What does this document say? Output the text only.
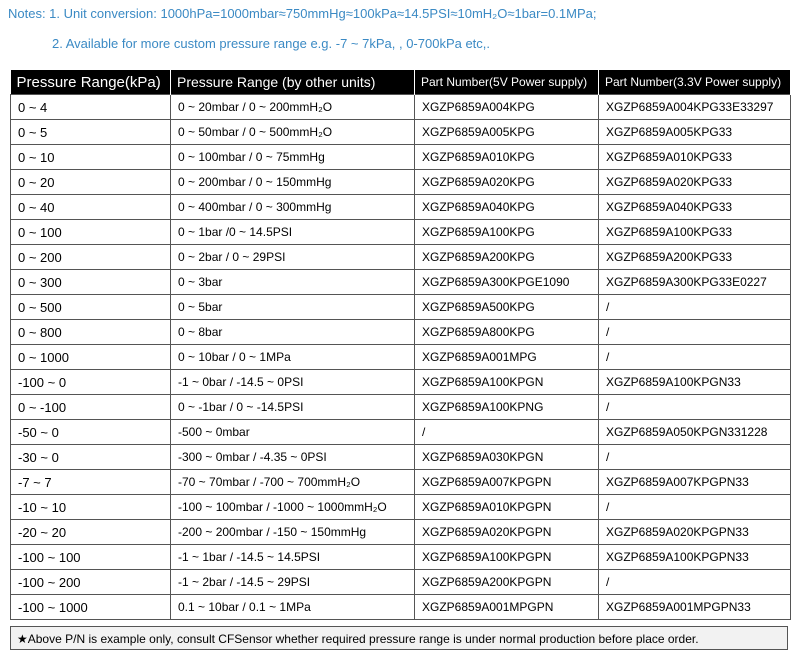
Notes: 1. Unit conversion: 1000hPa=1000mbar≈750mmHg≈100kPa≈14.5PSI≈10mH₂O≈1bar=0.1MPa;
2. Available for more custom pressure range e.g. -7 ~ 7kPa, , 0-700kPa etc,.
Pressure Range(kPa)	Pressure Range (by other units)	Part Number(5V Power supply)	Part Number(3.3V Power supply)
0 ~ 4	0 ~ 20mbar / 0 ~ 200mmH₂O	XGZP6859A004KPG	XGZP6859A004KPG33E33297
0 ~ 5	0 ~ 50mbar / 0 ~ 500mmH₂O	XGZP6859A005KPG	XGZP6859A005KPG33
0 ~ 10	0 ~ 100mbar / 0 ~ 75mmHg	XGZP6859A010KPG	XGZP6859A010KPG33
0 ~ 20	0 ~ 200mbar / 0 ~ 150mmHg	XGZP6859A020KPG	XGZP6859A020KPG33
0 ~ 40	0 ~ 400mbar / 0 ~ 300mmHg	XGZP6859A040KPG	XGZP6859A040KPG33
0 ~ 100	0 ~ 1bar /0 ~ 14.5PSI	XGZP6859A100KPG	XGZP6859A100KPG33
0 ~ 200	0 ~ 2bar / 0 ~ 29PSI	XGZP6859A200KPG	XGZP6859A200KPG33
0 ~ 300	0 ~ 3bar	XGZP6859A300KPGE1090	XGZP6859A300KPG33E0227
0 ~ 500	0 ~ 5bar	XGZP6859A500KPG	/
0 ~ 800	0 ~ 8bar	XGZP6859A800KPG	/
0 ~ 1000	0 ~ 10bar / 0 ~ 1MPa	XGZP6859A001MPG	/
-100 ~ 0	-1 ~ 0bar / -14.5 ~ 0PSI	XGZP6859A100KPGN	XGZP6859A100KPGN33
0 ~ -100	0 ~ -1bar / 0 ~ -14.5PSI	XGZP6859A100KPNG	/
-50 ~ 0	-500 ~ 0mbar	/	XGZP6859A050KPGN331228
-30 ~ 0	-300 ~ 0mbar / -4.35 ~ 0PSI	XGZP6859A030KPGN	/
-7 ~ 7	-70 ~ 70mbar / -700 ~ 700mmH₂O	XGZP6859A007KPGPN	XGZP6859A007KPGPN33
-10 ~ 10	-100 ~ 100mbar / -1000 ~ 1000mmH₂O	XGZP6859A010KPGPN	/
-20 ~ 20	-200 ~ 200mbar / -150 ~ 150mmHg	XGZP6859A020KPGPN	XGZP6859A020KPGPN33
-100 ~ 100	-1 ~ 1bar / -14.5 ~ 14.5PSI	XGZP6859A100KPGPN	XGZP6859A100KPGPN33
-100 ~ 200	-1 ~ 2bar / -14.5 ~ 29PSI	XGZP6859A200KPGPN	/
-100 ~ 1000	0.1 ~ 10bar / 0.1 ~ 1MPa	XGZP6859A001MPGPN	XGZP6859A001MPGPN33
★Above P/N is example only, consult CFSensor whether required pressure range is under normal production before place order.
